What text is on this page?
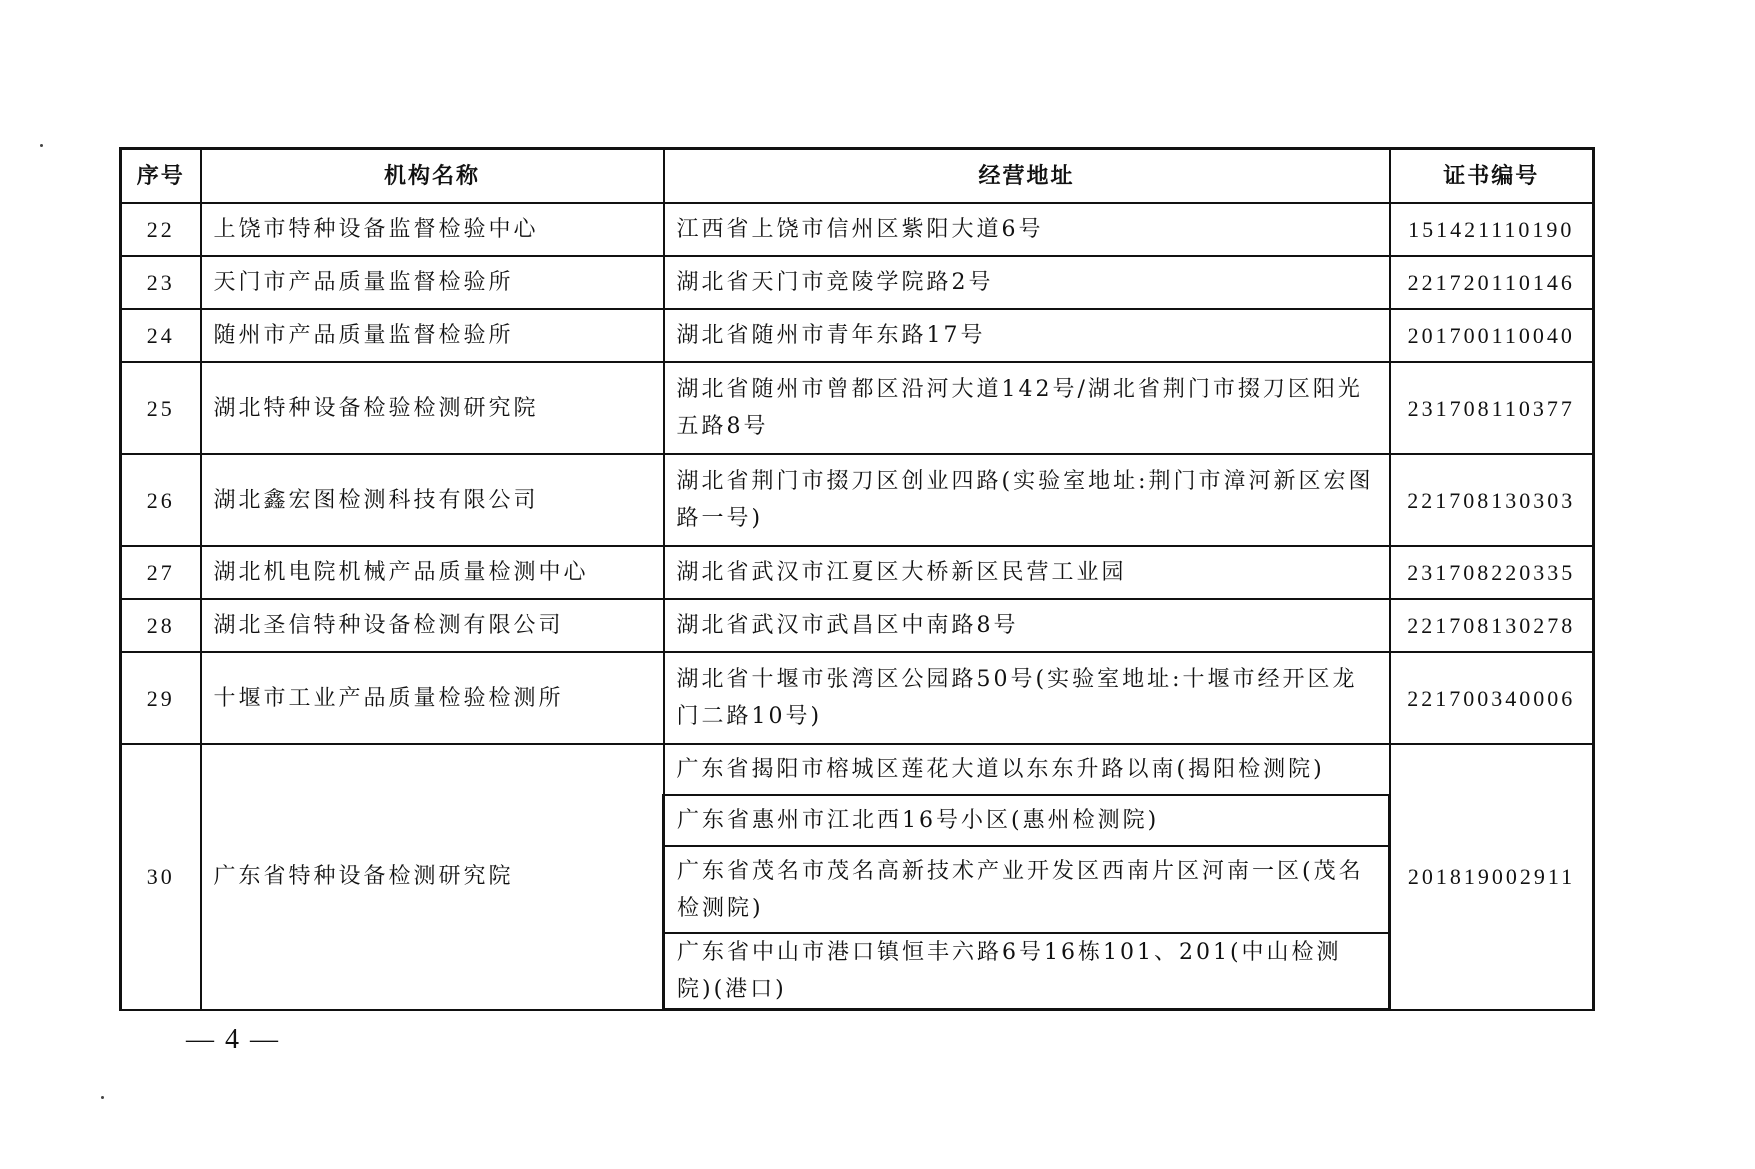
序号	机构名称	经营地址	证书编号
22	上饶市特种设备监督检验中心	江西省上饶市信州区紫阳大道6号	151421110190
23	天门市产品质量监督检验所	湖北省天门市竞陵学院路2号	221720110146
24	随州市产品质量监督检验所	湖北省随州市青年东路17号	201700110040
25	湖北特种设备检验检测研究院	湖北省随州市曾都区沿河大道142号/湖北省荆门市掇刀区阳光五路8号	231708110377
26	湖北鑫宏图检测科技有限公司	湖北省荆门市掇刀区创业四路(实验室地址:荆门市漳河新区宏图路一号)	221708130303
27	湖北机电院机械产品质量检测中心	湖北省武汉市江夏区大桥新区民营工业园	231708220335
28	湖北圣信特种设备检测有限公司	湖北省武汉市武昌区中南路8号	221708130278
29	十堰市工业产品质量检验检测所	湖北省十堰市张湾区公园路50号(实验室地址:十堰市经开区龙门二路10号)	221700340006
30	广东省特种设备检测研究院	广东省揭阳市榕城区莲花大道以东东升路以南(揭阳检测院)	201819002911
		广东省惠州市江北西16号小区(惠州检测院)	
		广东省茂名市茂名高新技术产业开发区西南片区河南一区(茂名检测院)	
		广东省中山市港口镇恒丰六路6号16栋101、201(中山检测院)(港口)	
— 4 —
